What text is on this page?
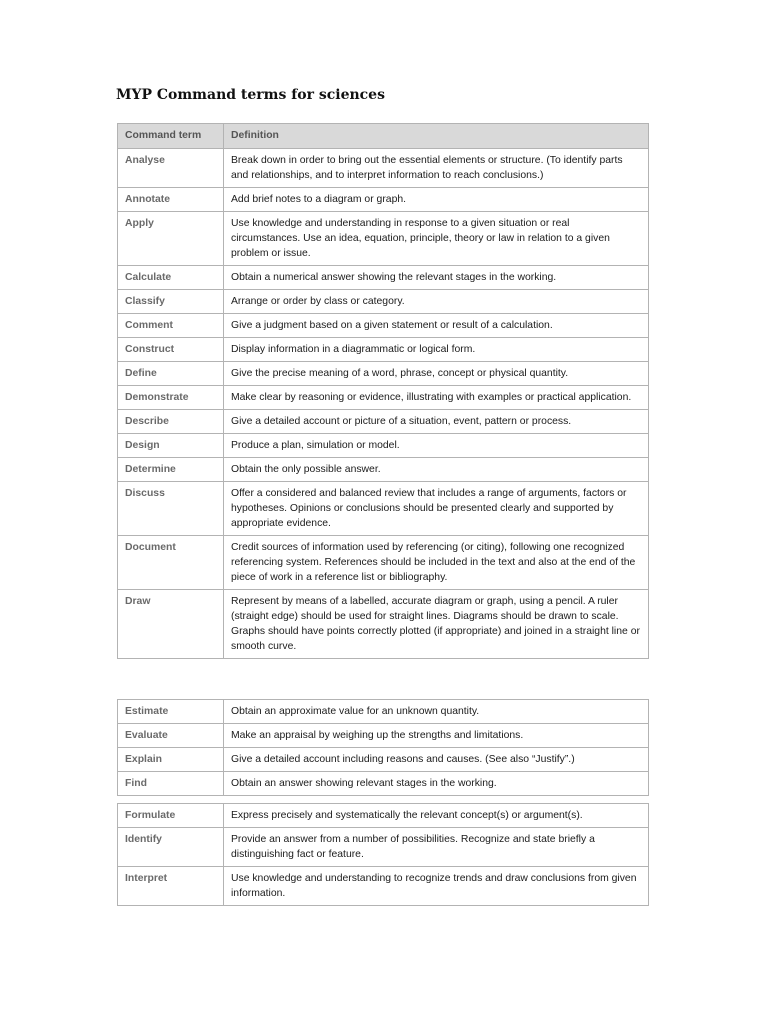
MYP Command terms for sciences
Command term	Definition
Analyse	Break down in order to bring out the essential elements or structure. (To identify parts and relationships, and to interpret information to reach conclusions.)
Annotate	Add brief notes to a diagram or graph.
Apply	Use knowledge and understanding in response to a given situation or real circumstances. Use an idea, equation, principle, theory or law in relation to a given problem or issue.
Calculate	Obtain a numerical answer showing the relevant stages in the working.
Classify	Arrange or order by class or category.
Comment	Give a judgment based on a given statement or result of a calculation.
Construct	Display information in a diagrammatic or logical form.
Define	Give the precise meaning of a word, phrase, concept or physical quantity.
Demonstrate	Make clear by reasoning or evidence, illustrating with examples or practical application.
Describe	Give a detailed account or picture of a situation, event, pattern or process.
Design	Produce a plan, simulation or model.
Determine	Obtain the only possible answer.
Discuss	Offer a considered and balanced review that includes a range of arguments, factors or hypotheses. Opinions or conclusions should be presented clearly and supported by appropriate evidence.
Document	Credit sources of information used by referencing (or citing), following one recognized referencing system. References should be included in the text and also at the end of the piece of work in a reference list or bibliography.
Draw	Represent by means of a labelled, accurate diagram or graph, using a pencil. A ruler (straight edge) should be used for straight lines. Diagrams should be drawn to scale. Graphs should have points correctly plotted (if appropriate) and joined in a straight line or smooth curve.
Estimate	Obtain an approximate value for an unknown quantity.
Evaluate	Make an appraisal by weighing up the strengths and limitations.
Explain	Give a detailed account including reasons and causes. (See also “Justify”.)
Find	Obtain an answer showing relevant stages in the working.
Formulate	Express precisely and systematically the relevant concept(s) or argument(s).
Identify	Provide an answer from a number of possibilities. Recognize and state briefly a distinguishing fact or feature.
Interpret	Use knowledge and understanding to recognize trends and draw conclusions from given information.
